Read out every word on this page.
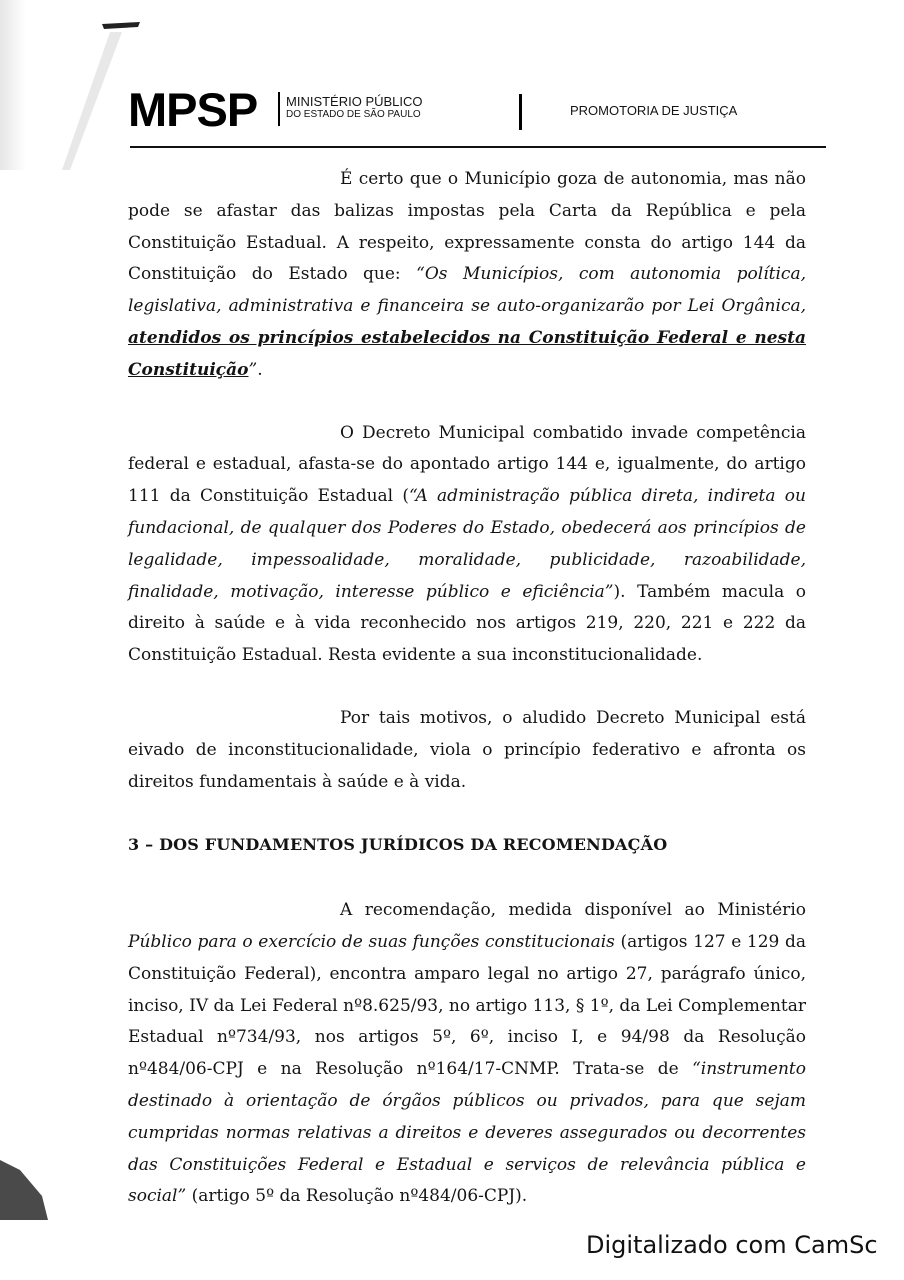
MPSP MINISTÉRIO PÚBLICO
DO ESTADO DE SÃO PAULO	PROMOTORIA DE JUSTIÇA

É certo que o Município goza de autonomia, mas não pode se afastar das balizas impostas pela Carta da República e pela Constituição Estadual. A respeito, expressamente consta do artigo 144 da Constituição do Estado que: “Os Municípios, com autonomia política, legislativa, administrativa e financeira se auto-organizarão por Lei Orgânica, atendidos os princípios estabelecidos na Constituição Federal e nesta Constituição”.

O Decreto Municipal combatido invade competência federal e estadual, afasta-se do apontado artigo 144 e, igualmente, do artigo 111 da Constituição Estadual (“A administração pública direta, indireta ou fundacional, de qualquer dos Poderes do Estado, obedecerá aos princípios de legalidade, impessoalidade, moralidade, publicidade, razoabilidade, finalidade, motivação, interesse público e eficiência”). Também macula o direito à saúde e à vida reconhecido nos artigos 219, 220, 221 e 222 da Constituição Estadual. Resta evidente a sua inconstitucionalidade.

Por tais motivos, o aludido Decreto Municipal está eivado de inconstitucionalidade, viola o princípio federativo e afronta os direitos fundamentais à saúde e à vida.

3 – DOS FUNDAMENTOS JURÍDICOS DA RECOMENDAÇÃO

A recomendação, medida disponível ao Ministério Público para o exercício de suas funções constitucionais (artigos 127 e 129 da Constituição Federal), encontra amparo legal no artigo 27, parágrafo único, inciso, IV da Lei Federal nº8.625/93, no artigo 113, § 1º, da Lei Complementar Estadual nº734/93, nos artigos 5º, 6º, inciso I, e 94/98 da Resolução nº484/06-CPJ e na Resolução nº164/17-CNMP. Trata-se de “instrumento destinado à orientação de órgãos públicos ou privados, para que sejam cumpridas normas relativas a direitos e deveres assegurados ou decorrentes das Constituições Federal e Estadual e serviços de relevância pública e social” (artigo 5º da Resolução nº484/06-CPJ).

Digitalizado com CamSc
